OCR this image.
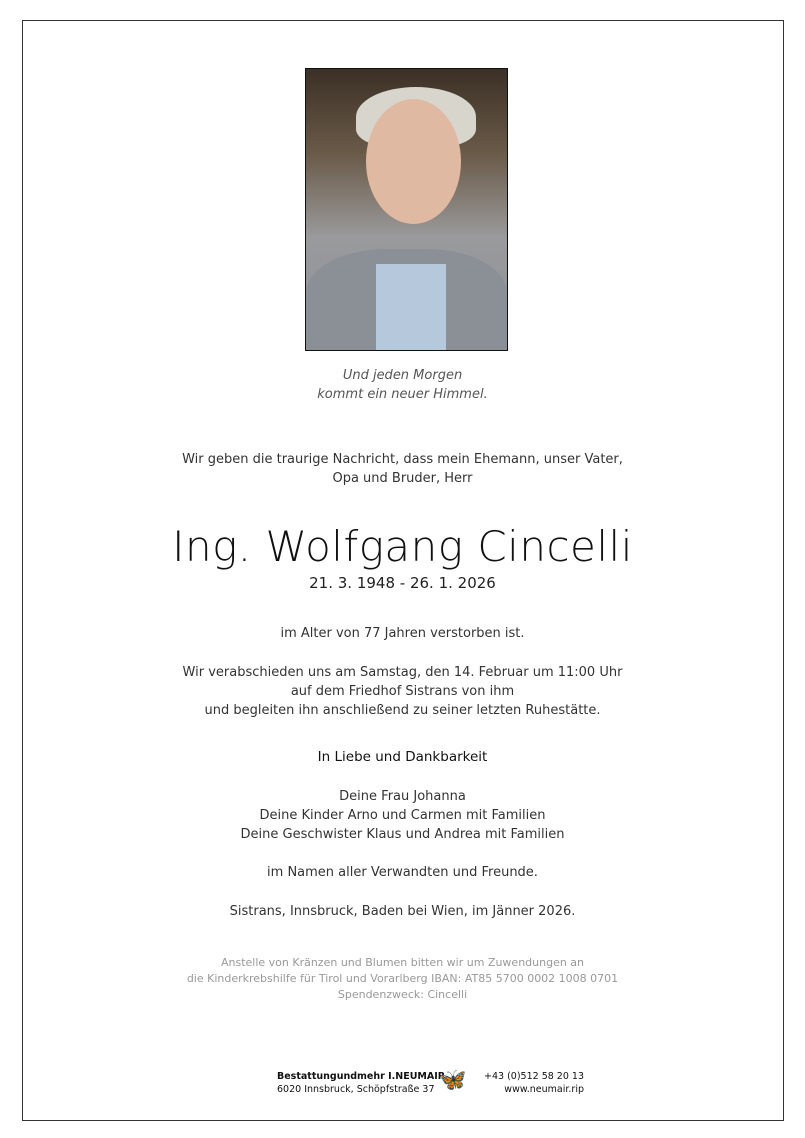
Und jeden Morgen
kommt ein neuer Himmel.
Wir geben die traurige Nachricht, dass mein Ehemann, unser Vater,
Opa und Bruder, Herr
Ing. Wolfgang Cincelli
21. 3. 1948 - 26. 1. 2026
im Alter von 77 Jahren verstorben ist.
Wir verabschieden uns am Samstag, den 14. Februar um 11:00 Uhr
auf dem Friedhof Sistrans von ihm
und begleiten ihn anschließend zu seiner letzten Ruhestätte.
In Liebe und Dankbarkeit
Deine Frau Johanna
Deine Kinder Arno und Carmen mit Familien
Deine Geschwister Klaus und Andrea mit Familien
im Namen aller Verwandten und Freunde.
Sistrans, Innsbruck, Baden bei Wien, im Jänner 2026.
Anstelle von Kränzen und Blumen bitten wir um Zuwendungen an
die Kinderkrebshilfe für Tirol und Vorarlberg IBAN: AT85 5700 0002 1008 0701
Spendenzweck: Cincelli
Bestattungundmehr I.NEUMAIR
6020 Innsbruck, Schöpfstraße 37 🦋 +43 (0)512 58 20 13
www.neumair.rip
